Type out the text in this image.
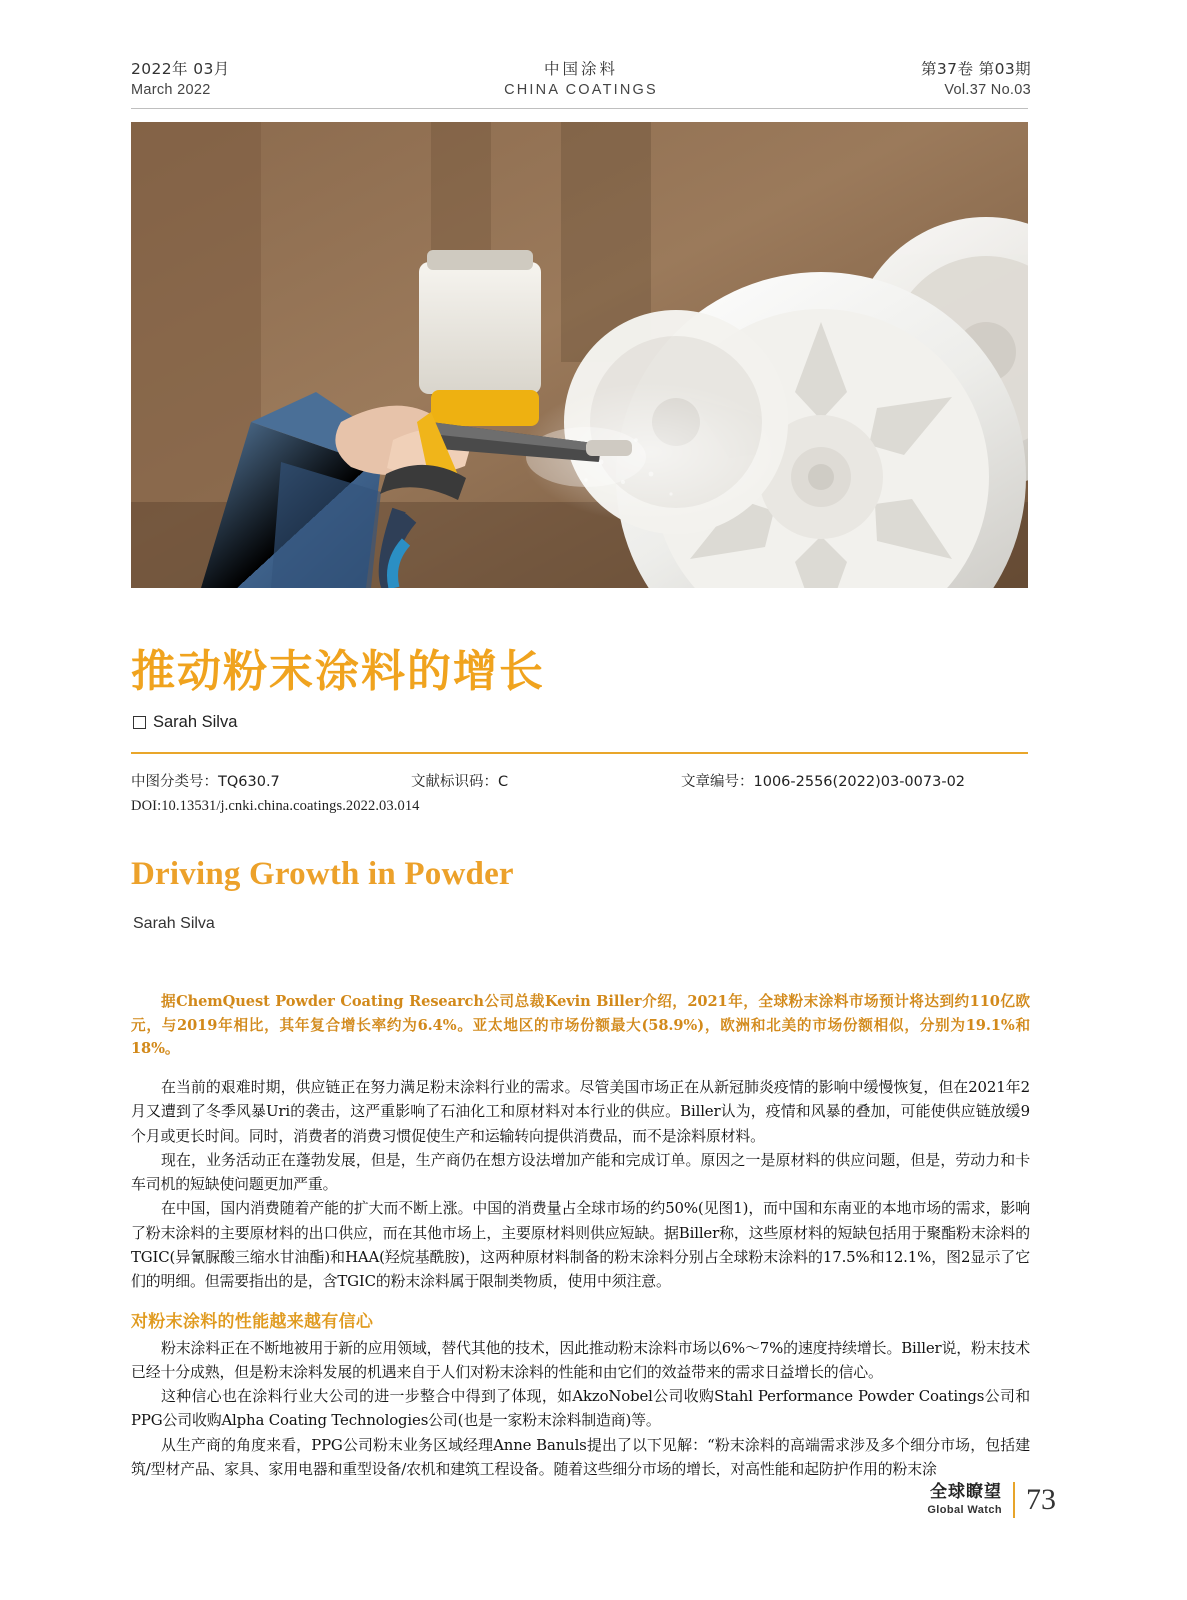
2022年 03月	中国涂料	第37卷 第03期
March 2022	CHINA COATINGS	Vol.37 No.03
推动粉末涂料的增长
Sarah Silva
中图分类号：TQ630.7	文献标识码：C	文章编号：1006-2556(2022)03-0073-02
DOI:10.13531/j.cnki.china.coatings.2022.03.014
Driving Growth in Powder
Sarah Silva
据ChemQuest Powder Coating Research公司总裁Kevin Biller介绍，2021年，全球粉末涂料市场预计将达到约110亿欧元，与2019年相比，其年复合增长率约为6.4%。亚太地区的市场份额最大(58.9%)，欧洲和北美的市场份额相似，分别为19.1%和18%。

在当前的艰难时期，供应链正在努力满足粉末涂料行业的需求。尽管美国市场正在从新冠肺炎疫情的影响中缓慢恢复，但在2021年2月又遭到了冬季风暴Uri的袭击，这严重影响了石油化工和原材料对本行业的供应。Biller认为，疫情和风暴的叠加，可能使供应链放缓9个月或更长时间。同时，消费者的消费习惯促使生产和运输转向提供消费品，而不是涂料原材料。

现在，业务活动正在蓬勃发展，但是，生产商仍在想方设法增加产能和完成订单。原因之一是原材料的供应问题，但是，劳动力和卡车司机的短缺使问题更加严重。

在中国，国内消费随着产能的扩大而不断上涨。中国的消费量占全球市场的约50%(见图1)，而中国和东南亚的本地市场的需求，影响了粉末涂料的主要原材料的出口供应，而在其他市场上，主要原材料则供应短缺。据Biller称，这些原材料的短缺包括用于聚酯粉末涂料的TGIC(异氰脲酸三缩水甘油酯)和HAA(羟烷基酰胺)，这两种原材料制备的粉末涂料分别占全球粉末涂料的17.5%和12.1%，图2显示了它们的明细。但需要指出的是，含TGIC的粉末涂料属于限制类物质，使用中须注意。

对粉末涂料的性能越来越有信心

粉末涂料正在不断地被用于新的应用领域，替代其他的技术，因此推动粉末涂料市场以6%～7%的速度持续增长。Biller说，粉末技术已经十分成熟，但是粉末涂料发展的机遇来自于人们对粉末涂料的性能和由它们的效益带来的需求日益增长的信心。

这种信心也在涂料行业大公司的进一步整合中得到了体现，如AkzoNobel公司收购Stahl Performance Powder Coatings公司和PPG公司收购Alpha Coating Technologies公司(也是一家粉末涂料制造商)等。

从生产商的角度来看，PPG公司粉末业务区域经理Anne Banuls提出了以下见解：“粉末涂料的高端需求涉及多个细分市场，包括建筑/型材产品、家具、家用电器和重型设备/农机和建筑工程设备。随着这些细分市场的增长，对高性能和起防护作用的粉末涂

全球瞭望
Global Watch 73
